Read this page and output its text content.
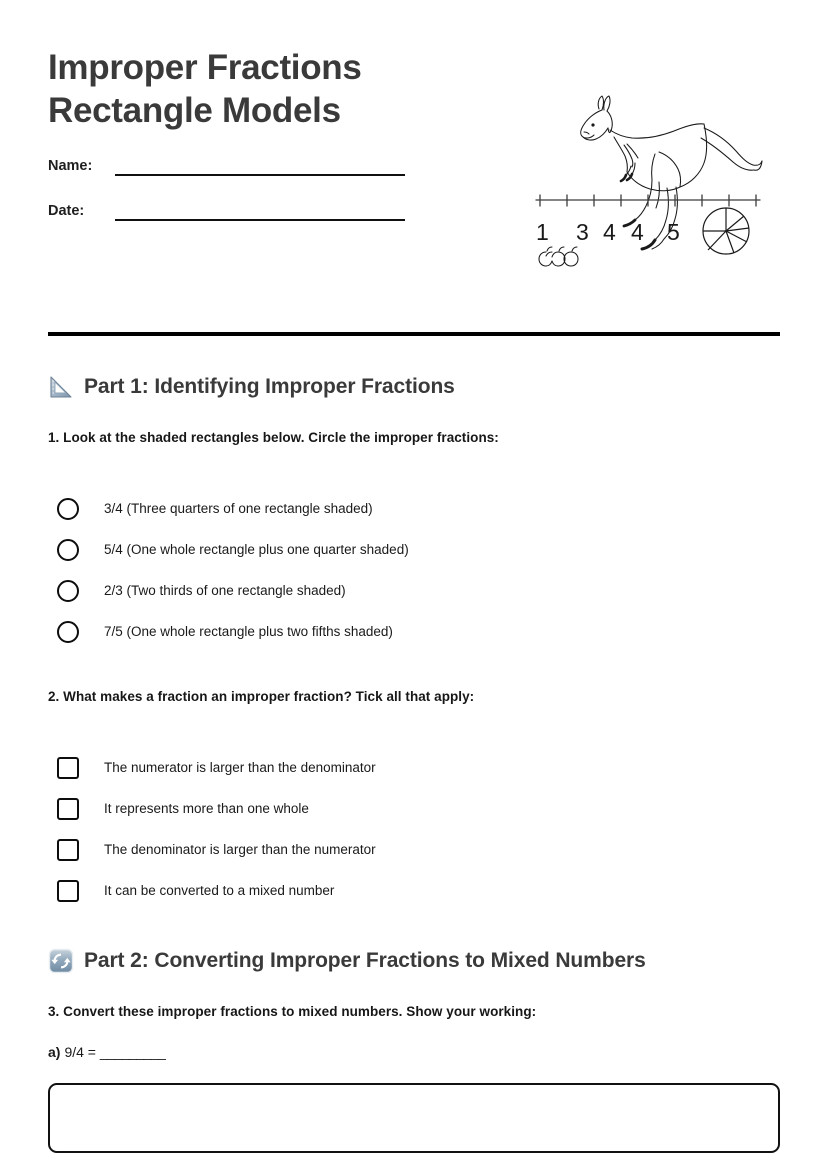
Improper Fractions
Rectangle Models
Name:
Date:
1 3 4 4 5
Part 1: Identifying Improper Fractions
1. Look at the shaded rectangles below. Circle the improper fractions:
3/4 (Three quarters of one rectangle shaded)
5/4 (One whole rectangle plus one quarter shaded)
2/3 (Two thirds of one rectangle shaded)
7/5 (One whole rectangle plus two fifths shaded)
2. What makes a fraction an improper fraction? Tick all that apply:
The numerator is larger than the denominator
It represents more than one whole
The denominator is larger than the numerator
It can be converted to a mixed number
Part 2: Converting Improper Fractions to Mixed Numbers
3. Convert these improper fractions to mixed numbers. Show your working:
a) 9/4 = _________
